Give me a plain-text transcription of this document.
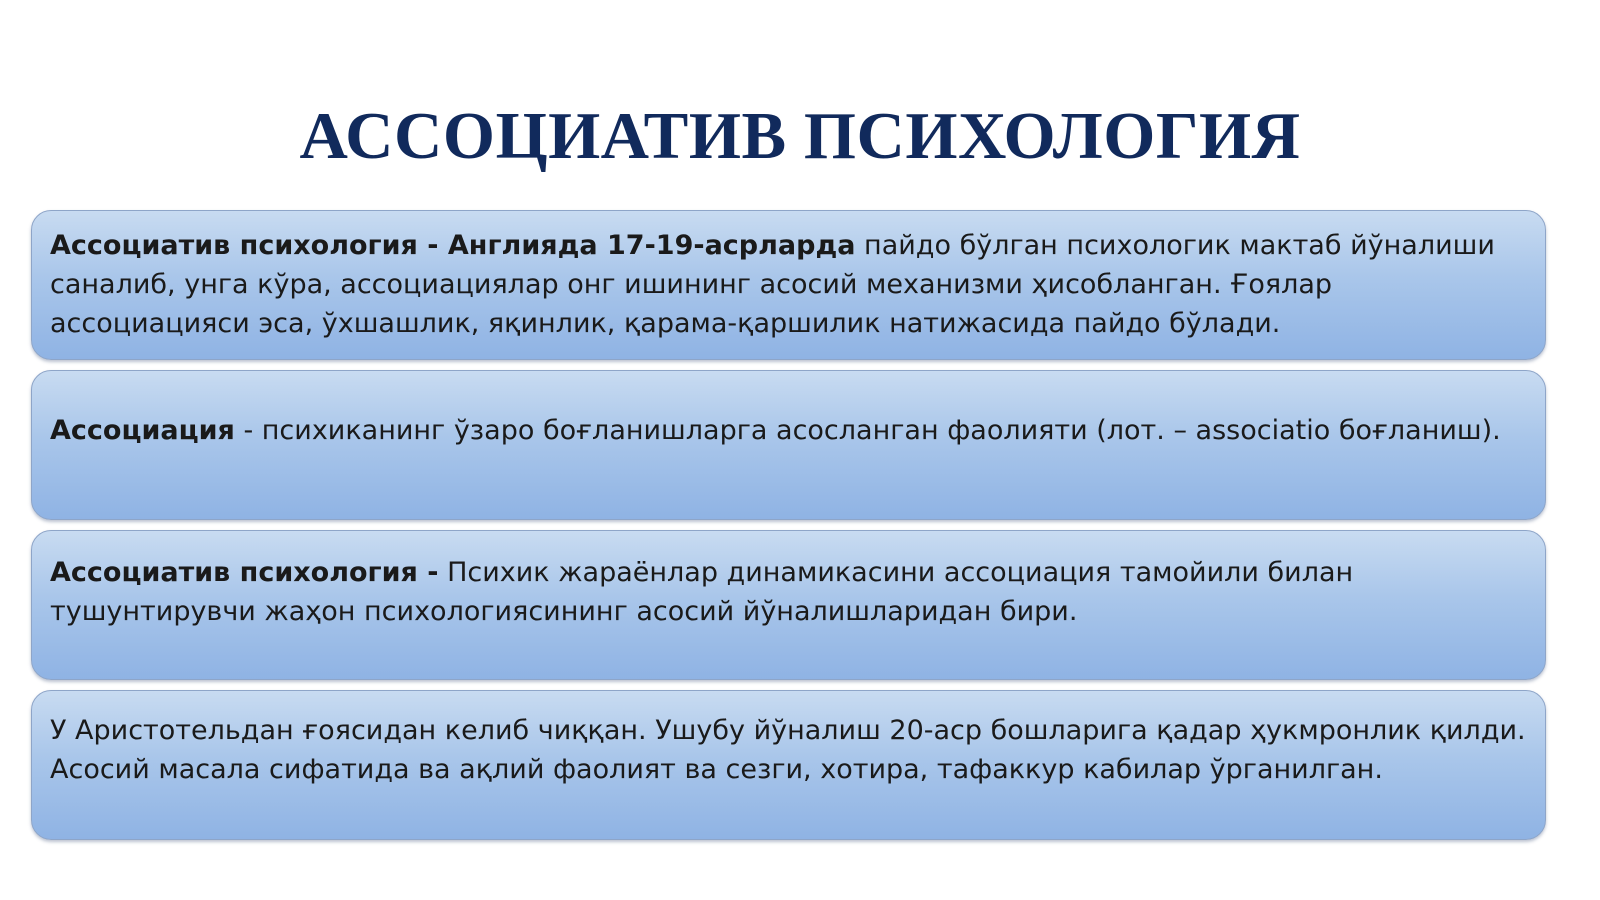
АССОЦИАТИВ ПСИХОЛОГИЯ

Ассоциатив психология - Англияда 17-19-асрларда пайдо бўлган психологик мактаб йўналиши саналиб, унга кўра, ассоциациялар онг ишининг асосий механизми ҳисобланган. Ғоялар ассоциацияси эса, ўхшашлик, яқинлик, қарама-қаршилик натижасида пайдо бўлади.

Ассоциация - психиканинг ўзаро боғланишларга асосланган фаолияти (лот. – associatio боғланиш).

Ассоциатив психология - Психик жараёнлар динамикасини ассоциация тамойили билан тушунтирувчи жаҳон психологиясининг асосий йўналишларидан бири.

У Аристотельдан ғоясидан келиб чиққан. Ушубу йўналиш 20-аср бошларига қадар ҳукмронлик қилди. Асосий масала сифатида ва ақлий фаолият ва сезги, хотира, тафаккур кабилар ўрганилган.
